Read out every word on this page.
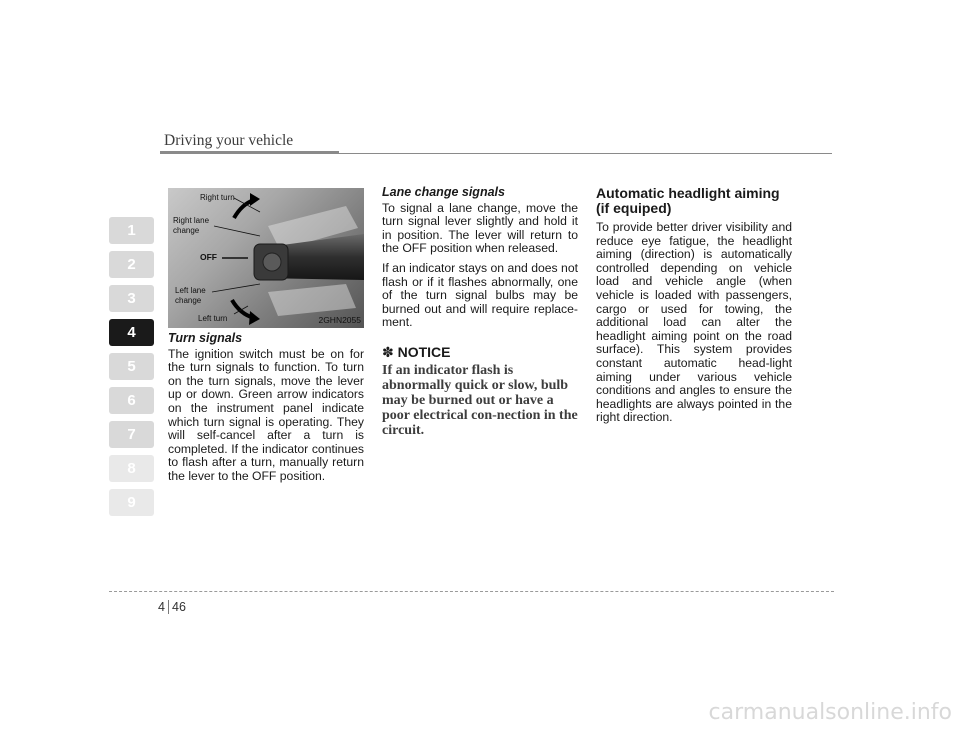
Driving your vehicle
1
2
3
4
5
6
7
8
9
Right turn
Right lane
change
OFF
Left lane
change
Left turn	2GHN2055
Turn signals

The ignition switch must be on for the turn signals to function. To turn on the turn signals, move the lever up or down. Green arrow indicators on the instrument panel indicate which turn signal is operating. They will self-cancel after a turn is completed. If the indicator continues to flash after a turn, manually return the lever to the OFF position.

Lane change signals

To signal a lane change, move the turn signal lever slightly and hold it in position. The lever will return to the OFF position when released.

If an indicator stays on and does not flash or if it flashes abnormally, one of the turn signal bulbs may be burned out and will require replace-ment.

✽ NOTICE
If an indicator flash is abnormally quick or slow, bulb may be burned out or have a poor electrical con-nection in the circuit.
Automatic headlight aiming
(if equiped)

To provide better driver visibility and reduce eye fatigue, the headlight aiming (direction) is automatically controlled depending on vehicle load and vehicle angle (when vehicle is loaded with passengers, cargo or used for towing, the additional load can alter the headlight aiming point on the road surface). This system provides constant automatic head-light aiming under various vehicle conditions and angles to ensure the headlights are always pointed in the right direction.

4 46
carmanualsonline.info
